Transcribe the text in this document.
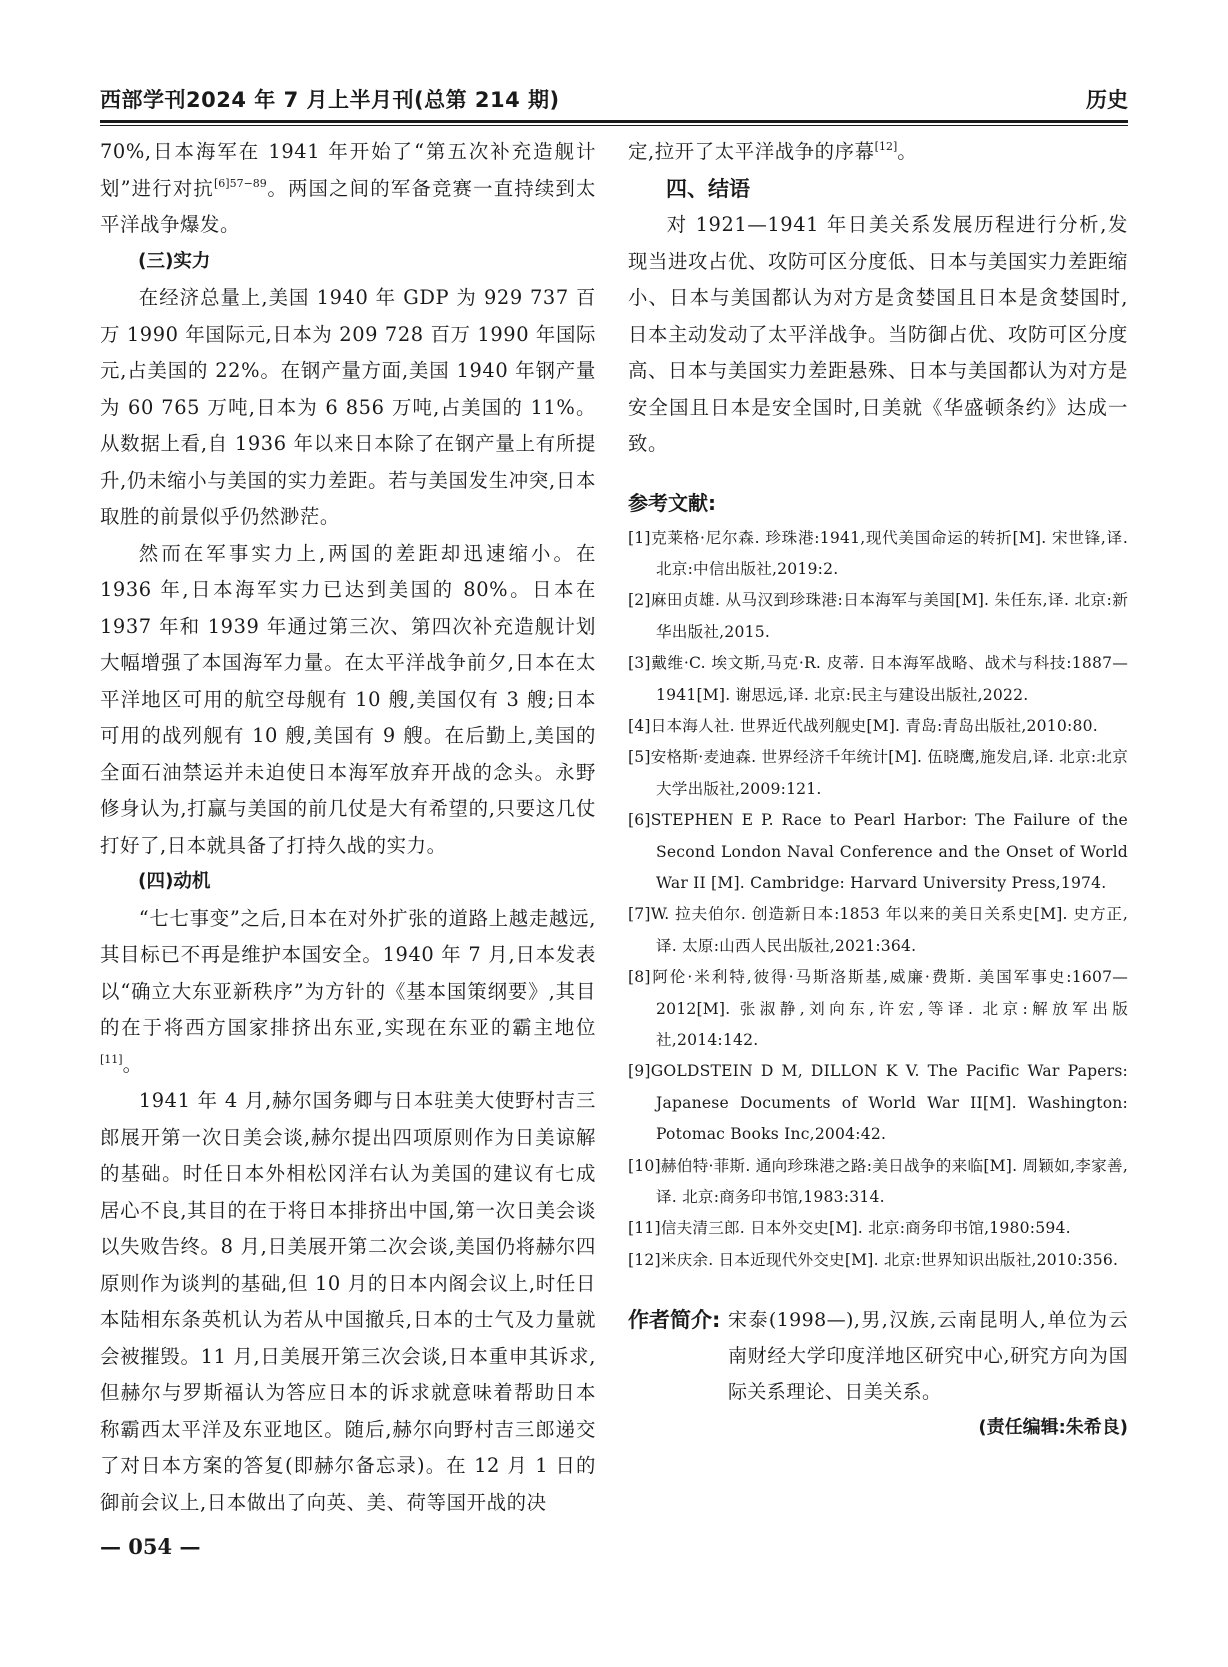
西部学刊2024 年 7 月上半月刊(总第 214 期)	历史

70%,日本海军在 1941 年开始了“第五次补充造舰计划”进行对抗$^{[6]57-89}$。两国之间的军备竞赛一直持续到太平洋战争爆发。

(三)实力

在经济总量上,美国 1940 年 GDP 为 929 737 百万 1990 年国际元,日本为 209 728 百万 1990 年国际元,占美国的 22%。在钢产量方面,美国 1940 年钢产量为 60 765 万吨,日本为 6 856 万吨,占美国的 11%。从数据上看,自 1936 年以来日本除了在钢产量上有所提升,仍未缩小与美国的实力差距。若与美国发生冲突,日本取胜的前景似乎仍然渺茫。

然而在军事实力上,两国的差距却迅速缩小。在 1936 年,日本海军实力已达到美国的 80%。日本在 1937 年和 1939 年通过第三次、第四次补充造舰计划大幅增强了本国海军力量。在太平洋战争前夕,日本在太平洋地区可用的航空母舰有 10 艘,美国仅有 3 艘;日本可用的战列舰有 10 艘,美国有 9 艘。在后勤上,美国的全面石油禁运并未迫使日本海军放弃开战的念头。永野修身认为,打赢与美国的前几仗是大有希望的,只要这几仗打好了,日本就具备了打持久战的实力。

(四)动机

“七七事变”之后,日本在对外扩张的道路上越走越远,其目标已不再是维护本国安全。1940 年 7 月,日本发表以“确立大东亚新秩序”为方针的《基本国策纲要》,其目的在于将西方国家排挤出东亚,实现在东亚的霸主地位[11]。

1941 年 4 月,赫尔国务卿与日本驻美大使野村吉三郎展开第一次日美会谈,赫尔提出四项原则作为日美谅解的基础。时任日本外相松冈洋右认为美国的建议有七成居心不良,其目的在于将日本排挤出中国,第一次日美会谈以失败告终。8 月,日美展开第二次会谈,美国仍将赫尔四原则作为谈判的基础,但 10 月的日本内阁会议上,时任日本陆相东条英机认为若从中国撤兵,日本的士气及力量就会被摧毁。11 月,日美展开第三次会谈,日本重申其诉求,但赫尔与罗斯福认为答应日本的诉求就意味着帮助日本称霸西太平洋及东亚地区。随后,赫尔向野村吉三郎递交了对日本方案的答复(即赫尔备忘录)。在 12 月 1 日的御前会议上,日本做出了向英、美、荷等国开战的决

定,拉开了太平洋战争的序幕[12]。

四、结语

对 1921—1941 年日美关系发展历程进行分析,发现当进攻占优、攻防可区分度低、日本与美国实力差距缩小、日本与美国都认为对方是贪婪国且日本是贪婪国时,日本主动发动了太平洋战争。当防御占优、攻防可区分度高、日本与美国实力差距悬殊、日本与美国都认为对方是安全国且日本是安全国时,日美就《华盛顿条约》达成一致。

参考文献:

[1]克莱格·尼尔森. 珍珠港:1941,现代美国命运的转折[M]. 宋世锋,译. 北京:中信出版社,2019:2.

[2]麻田贞雄. 从马汉到珍珠港:日本海军与美国[M]. 朱任东,译. 北京:新华出版社,2015.

[3]戴维·C. 埃文斯,马克·R. 皮蒂. 日本海军战略、战术与科技:1887—1941[M]. 谢思远,译. 北京:民主与建设出版社,2022.

[4]日本海人社. 世界近代战列舰史[M]. 青岛:青岛出版社,2010:80.

[5]安格斯·麦迪森. 世界经济千年统计[M]. 伍晓鹰,施发启,译. 北京:北京大学出版社,2009:121.

[6]STEPHEN E P. Race to Pearl Harbor: The Failure of the Second London Naval Conference and the Onset of World War II [M]. Cambridge: Harvard University Press,1974.

[7]W. 拉夫伯尔. 创造新日本:1853 年以来的美日关系史[M]. 史方正,译. 太原:山西人民出版社,2021:364.

[8]阿伦·米利特,彼得·马斯洛斯基,威廉·费斯. 美国军事史:1607—2012[M]. 张淑静,刘向东,许宏,等译. 北京:解放军出版社,2014:142.

[9]GOLDSTEIN D M, DILLON K V. The Pacific War Papers: Japanese Documents of World War II[M]. Washington: Potomac Books Inc,2004:42.

[10]赫伯特·菲斯. 通向珍珠港之路:美日战争的来临[M]. 周颖如,李家善,译. 北京:商务印书馆,1983:314.

[11]信夫清三郎. 日本外交史[M]. 北京:商务印书馆,1980:594.

[12]米庆余. 日本近现代外交史[M]. 北京:世界知识出版社,2010:356.

作者简介: 宋泰(1998—),男,汉族,云南昆明人,单位为云南财经大学印度洋地区研究中心,研究方向为国际关系理论、日美关系。

(责任编辑:朱希良)

— 054 —
